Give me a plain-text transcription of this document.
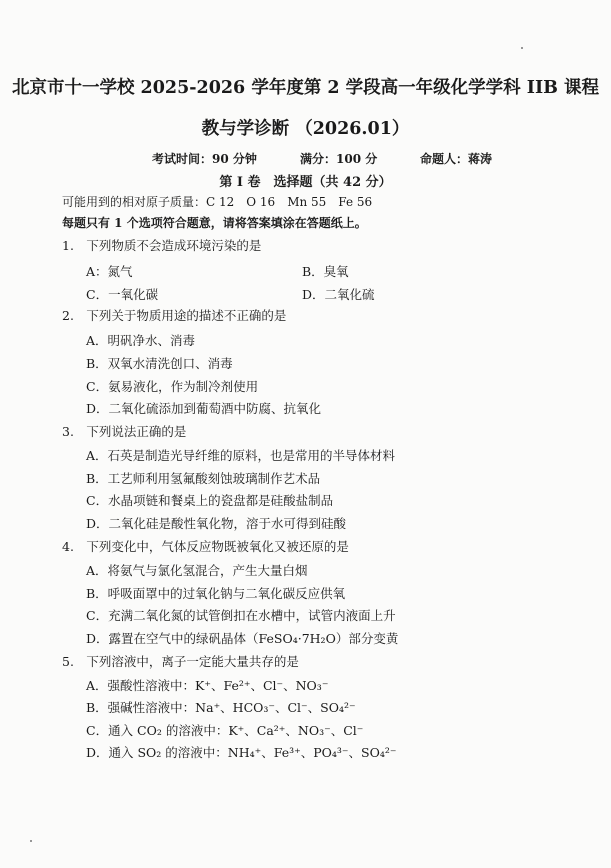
北京市十一学校 2025-2026 学年度第 2 学段高一年级化学学科 IIB 课程
教与学诊断 （2026.01）
考试时间：90 分钟	满分：100 分	命题人：蒋涛
第 I 卷　选择题（共 42 分）
可能用到的相对原子质量：C 12　O 16　Mn 55　Fe 56
每题只有 1 个选项符合题意，请将答案填涂在答题纸上。
1.　下列物质不会造成环境污染的是
A：氮气	B．臭氧
C．一氧化碳	D．二氧化硫
2.　下列关于物质用途的描述不正确的是
A．明矾净水、消毒
B．双氧水清洗创口、消毒
C．氨易液化，作为制冷剂使用
D．二氧化硫添加到葡萄酒中防腐、抗氧化
3.　下列说法正确的是
A．石英是制造光导纤维的原料，也是常用的半导体材料
B．工艺师利用氢氟酸刻蚀玻璃制作艺术品
C．水晶项链和餐桌上的瓷盘都是硅酸盐制品
D．二氧化硅是酸性氧化物，溶于水可得到硅酸
4.　下列变化中，气体反应物既被氧化又被还原的是
A．将氨气与氯化氢混合，产生大量白烟
B．呼吸面罩中的过氧化钠与二氧化碳反应供氧
C．充满二氧化氮的试管倒扣在水槽中，试管内液面上升
D．露置在空气中的绿矾晶体（FeSO₄·7H₂O）部分变黄
5.　下列溶液中，离子一定能大量共存的是
A．强酸性溶液中：K⁺、Fe²⁺、Cl⁻、NO₃⁻
B．强碱性溶液中：Na⁺、HCO₃⁻、Cl⁻、SO₄²⁻
C．通入 CO₂ 的溶液中：K⁺、Ca²⁺、NO₃⁻、Cl⁻
D．通入 SO₂ 的溶液中：NH₄⁺、Fe³⁺、PO₄³⁻、SO₄²⁻
